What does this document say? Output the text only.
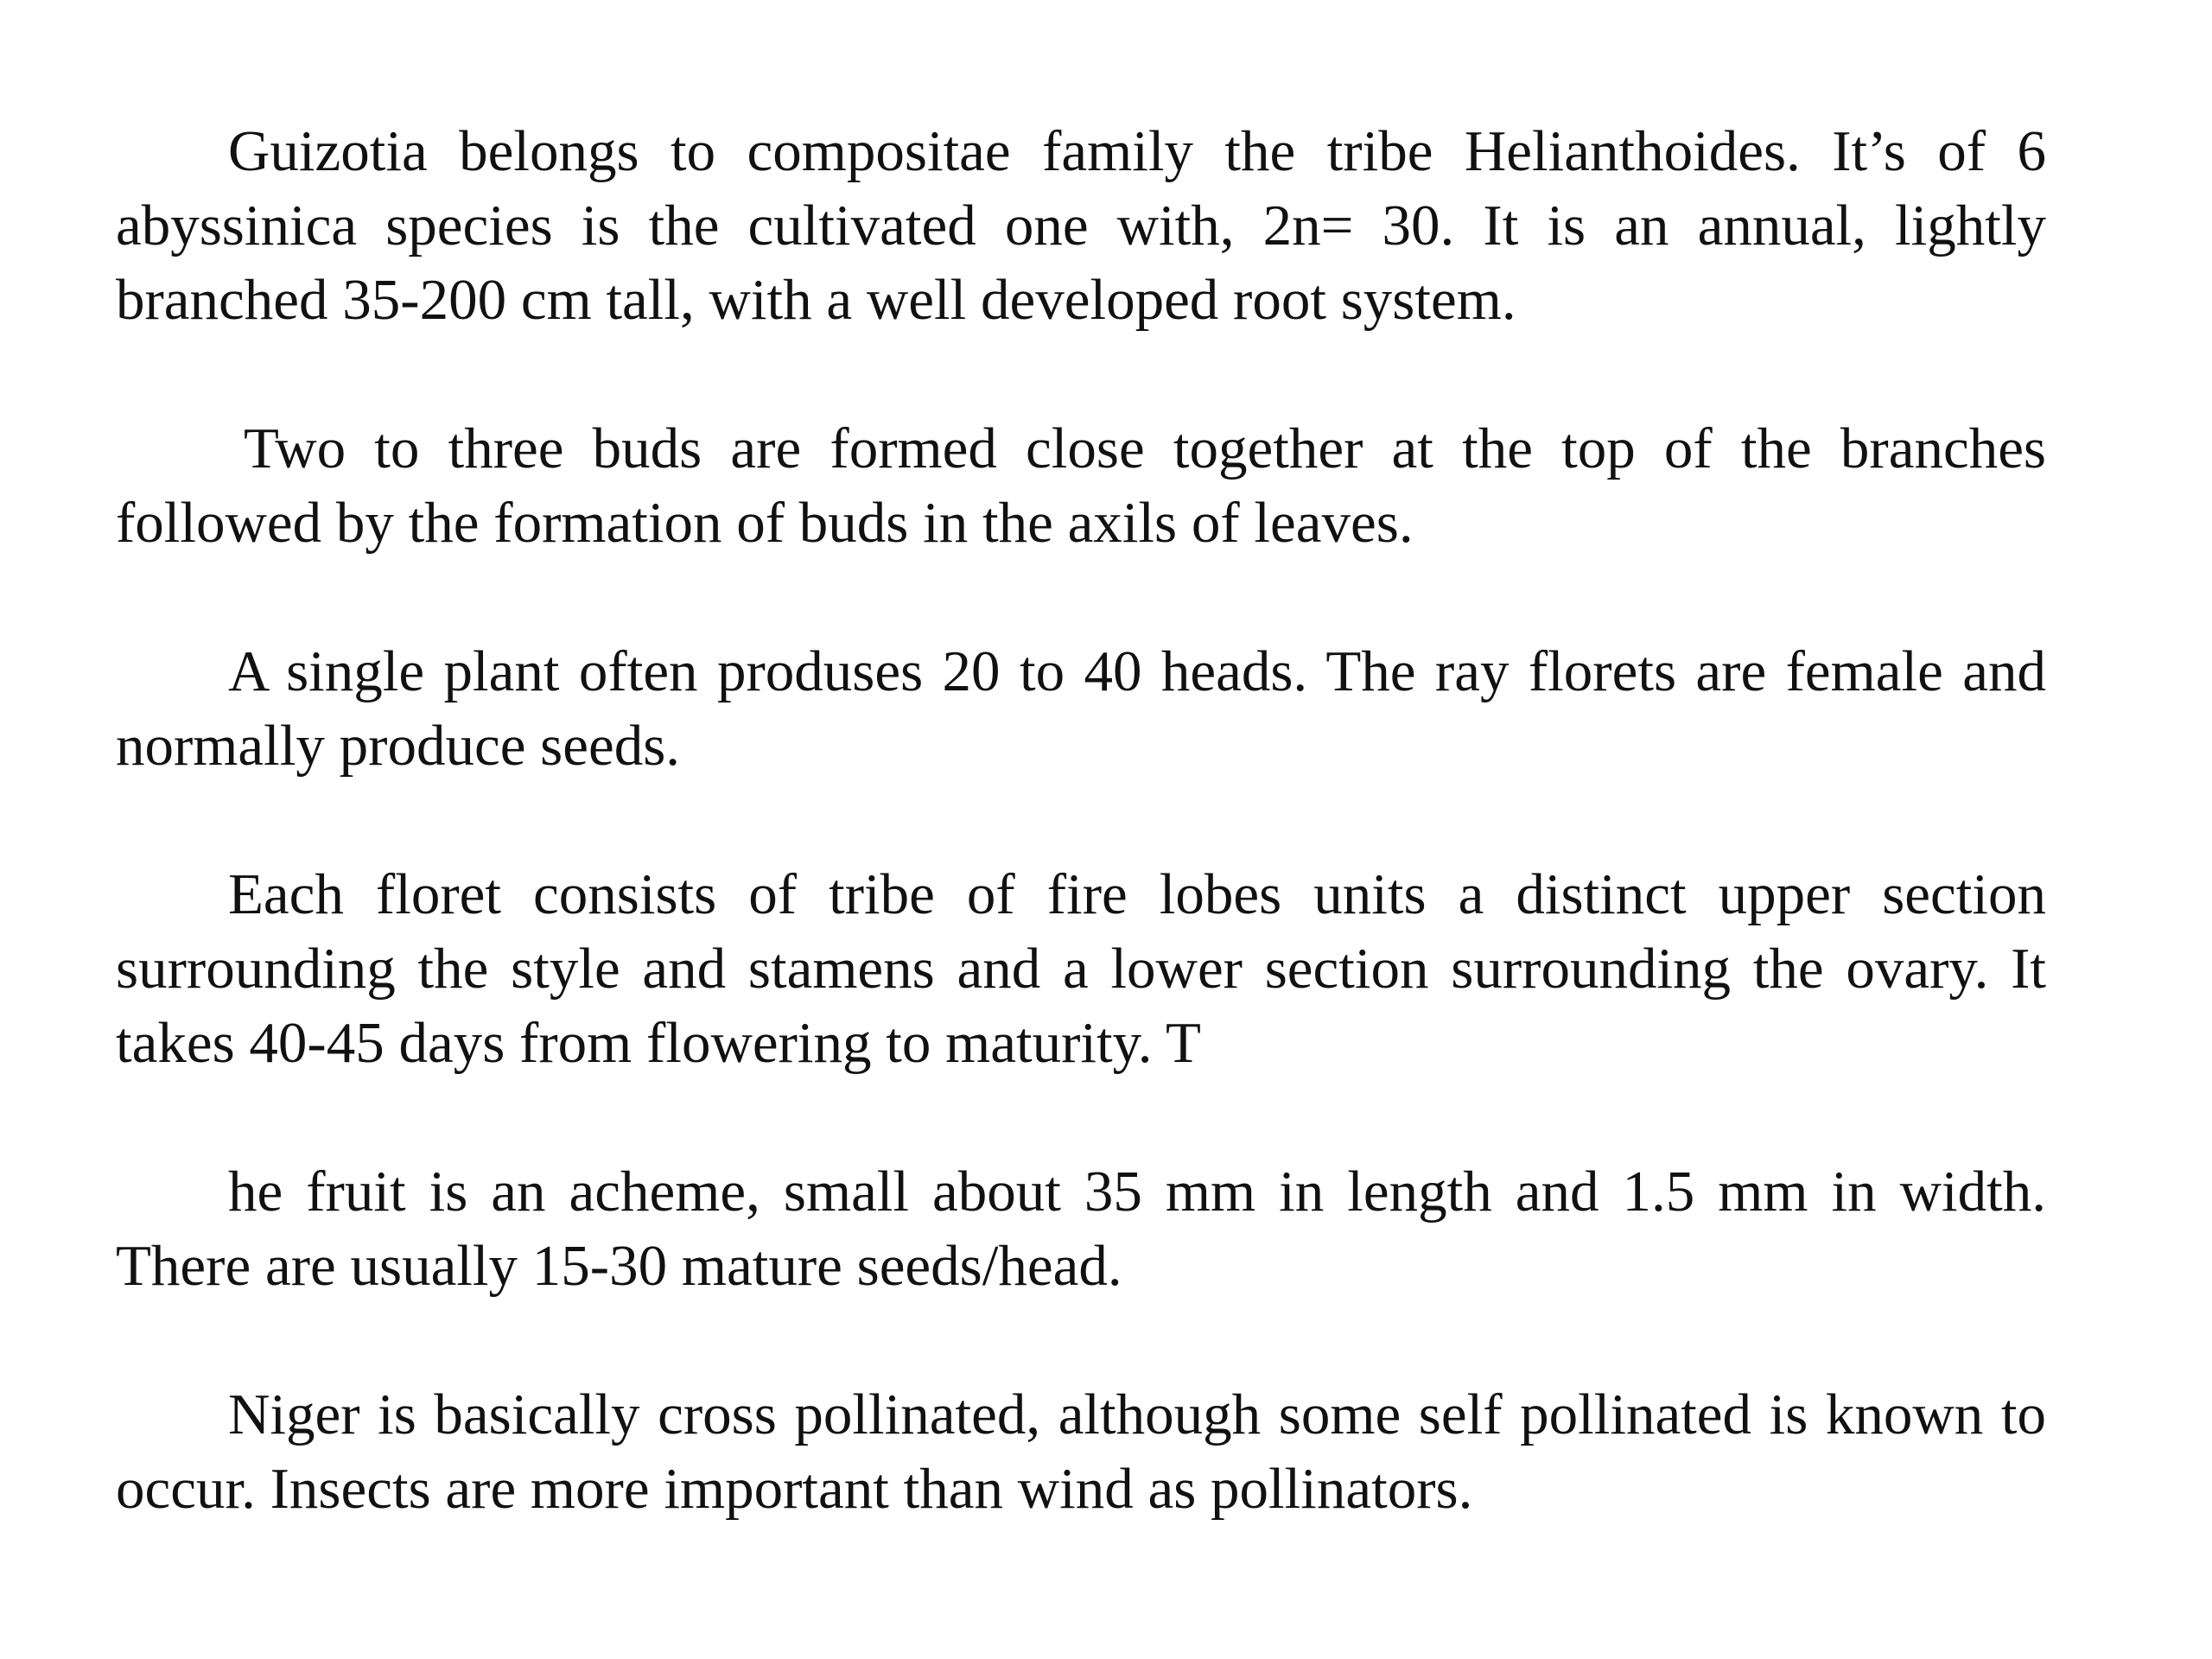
Guizotia belongs to compositae family the tribe Helianthoides. It’s of 6 abyssinica species is the cultivated one with, 2n= 30. It is an annual, lightly branched 35-200 cm tall, with a well developed root system.

Two to three buds are formed close together at the top of the branches followed by the formation of buds in the axils of leaves.

A single plant often produses 20 to 40 heads. The ray florets are female and normally produce seeds.

Each floret consists of tribe of fire lobes units a distinct upper section surrounding the style and stamens and a lower section surrounding the ovary. It takes 40-45 days from flowering to maturity. T

he fruit is an acheme, small about 35 mm in length and 1.5 mm in width. There are usually 15-30 mature seeds/head.

Niger is basically cross pollinated, although some self pollinated is known to occur. Insects are more important than wind as pollinators.
